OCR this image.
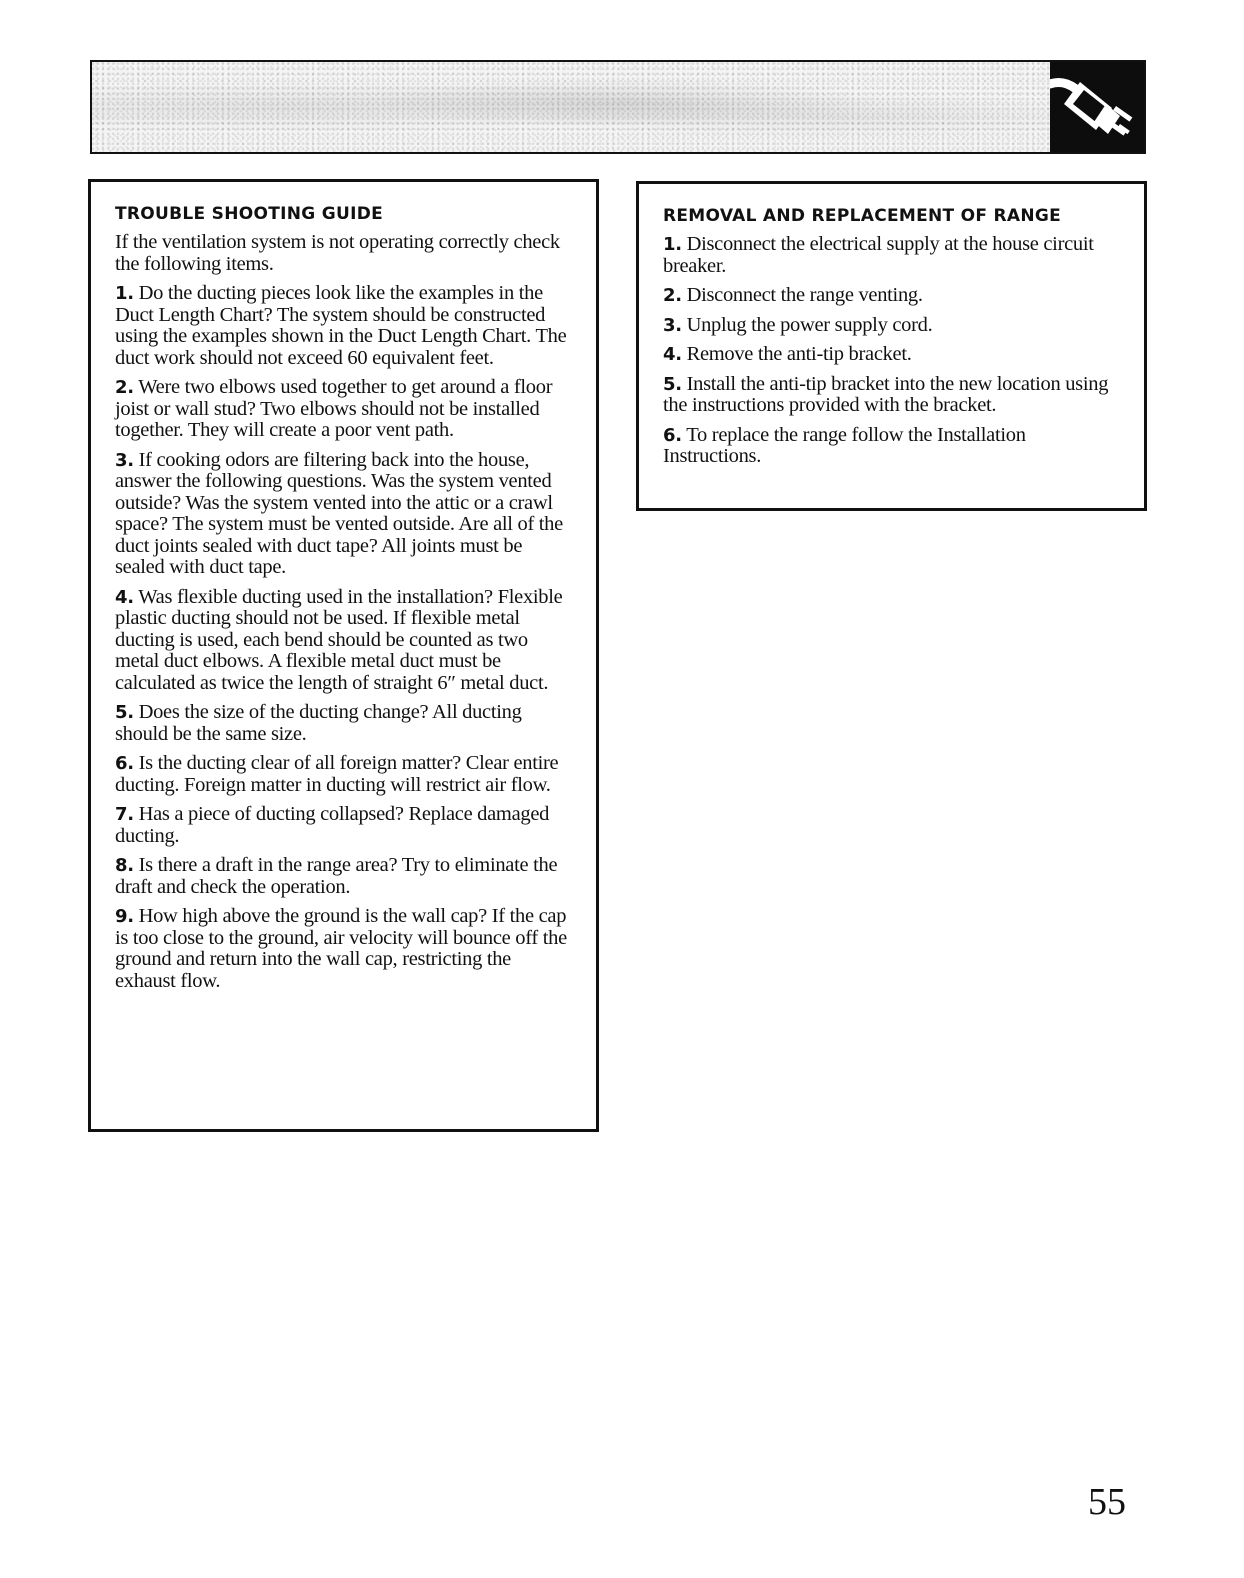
TROUBLE SHOOTING GUIDE

If the ventilation system is not operating correctly check the following items.

1. Do the ducting pieces look like the examples in the Duct Length Chart? The system should be constructed using the examples shown in the Duct Length Chart. The duct work should not exceed 60 equivalent feet.

2. Were two elbows used together to get around a floor joist or wall stud? Two elbows should not be installed together. They will create a poor vent path.

3. If cooking odors are filtering back into the house, answer the following questions. Was the system vented outside? Was the system vented into the attic or a crawl space? The system must be vented outside. Are all of the duct joints sealed with duct tape? All joints must be sealed with duct tape.

4. Was flexible ducting used in the installation? Flexible plastic ducting should not be used. If flexible metal ducting is used, each bend should be counted as two metal duct elbows. A flexible metal duct must be calculated as twice the length of straight 6″ metal duct.

5. Does the size of the ducting change? All ducting should be the same size.

6. Is the ducting clear of all foreign matter? Clear entire ducting. Foreign matter in ducting will restrict air flow.

7. Has a piece of ducting collapsed? Replace damaged ducting.

8. Is there a draft in the range area? Try to eliminate the draft and check the operation.

9. How high above the ground is the wall cap? If the cap is too close to the ground, air velocity will bounce off the ground and return into the wall cap, restricting the exhaust flow.

REMOVAL AND REPLACEMENT OF RANGE

1. Disconnect the electrical supply at the house circuit breaker.

2. Disconnect the range venting.

3. Unplug the power supply cord.

4. Remove the anti-tip bracket.

5. Install the anti-tip bracket into the new location using the instructions provided with the bracket.

6. To replace the range follow the Installation Instructions.

55
